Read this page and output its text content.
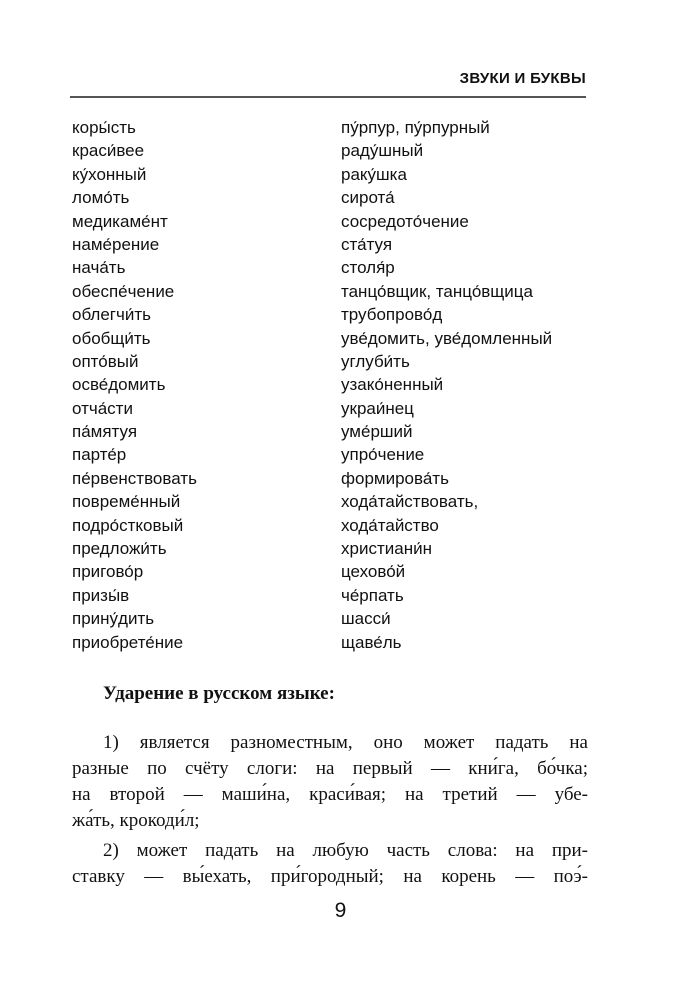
ЗВУКИ И БУКВЫ
коры́сть
краси́вее
ку́хонный
ломо́ть
медикаме́нт
наме́рение
нача́ть
обеспе́чение
облегчи́ть
обобщи́ть
опто́вый
осве́домить
отча́сти
па́мятуя
парте́р
пе́рвенствовать
повреме́нный
подро́стковый
предложи́ть
пригово́р
призы́в
прину́дить
приобрете́ние
пу́рпур, пу́рпурный
раду́шный
раку́шка
сирота́
сосредото́чение
ста́туя
столя́р
танцо́вщик, танцо́вщица
трубопрово́д
уве́домить, уве́домленный
углуби́ть
узако́ненный
украи́нец
уме́рший
упро́чение
формирова́ть
хода́тайствовать,
хода́тайство
христиани́н
цехово́й
че́рпать
шасси́
щаве́ль
Ударение в русском языке:

1) является разноместным, оно может падать на
разные по счёту слоги: на первый — кни́га, бо́чка;
на второй — маши́на, краси́вая; на третий — убе-
жа́ть, крокоди́л;

2) может падать на любую часть слова: на при-
ставку — вы́ехать, при́городный; на корень — поэ́-

9
